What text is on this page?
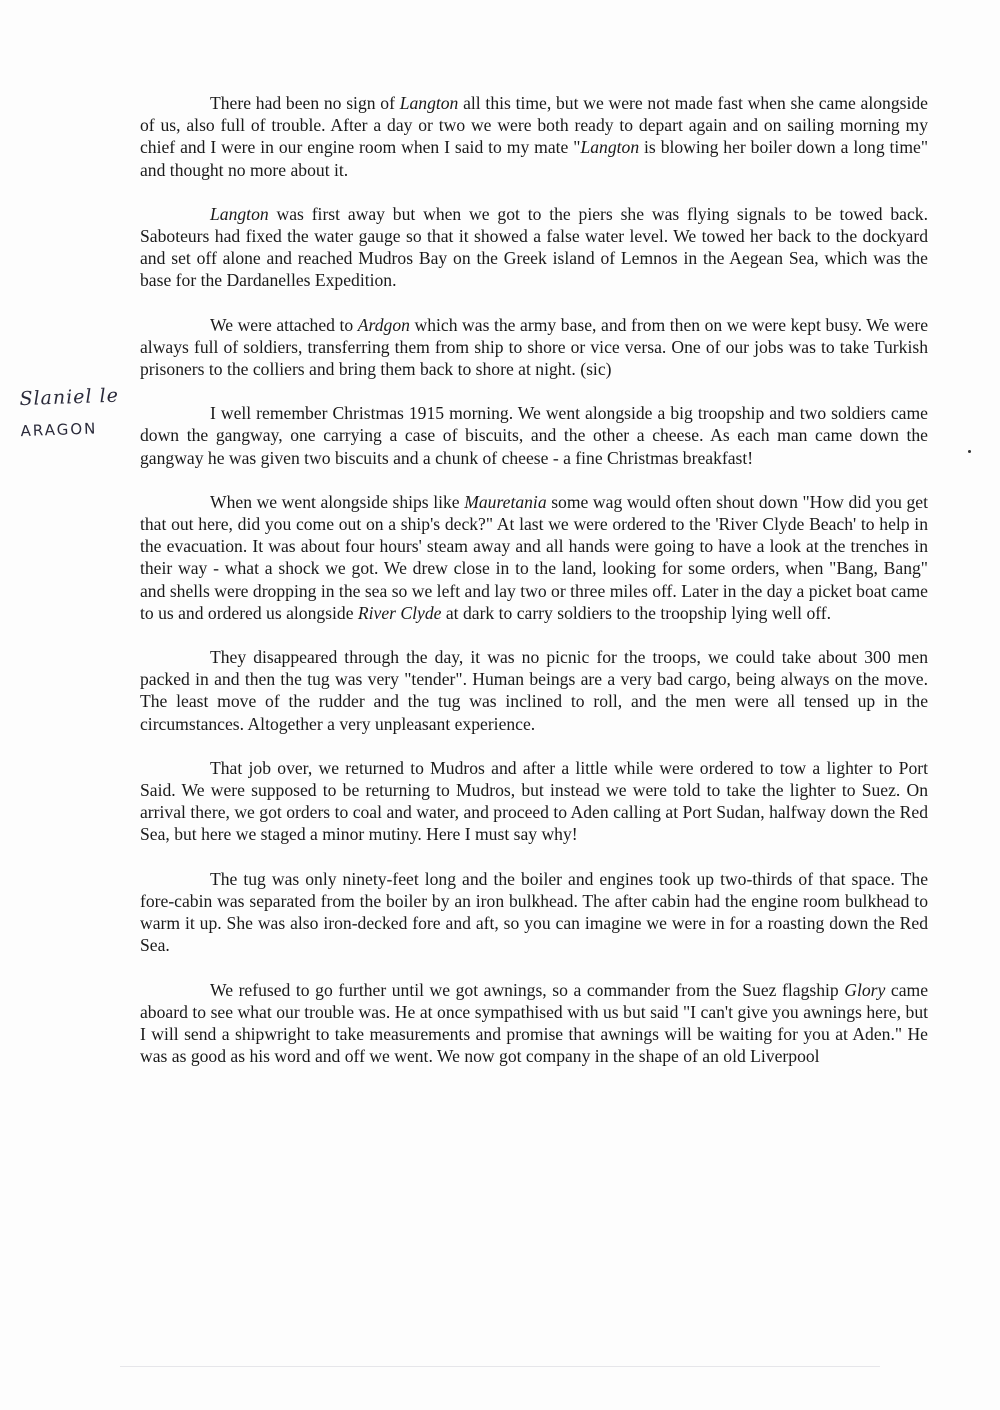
Slaniel le
ARAGON

There had been no sign of Langton all this time, but we were not made fast when she came alongside of us, also full of trouble. After a day or two we were both ready to depart again and on sailing morning my chief and I were in our engine room when I said to my mate "Langton is blowing her boiler down a long time" and thought no more about it.

Langton was first away but when we got to the piers she was flying signals to be towed back. Saboteurs had fixed the water gauge so that it showed a false water level. We towed her back to the dockyard and set off alone and reached Mudros Bay on the Greek island of Lemnos in the Aegean Sea, which was the base for the Dardanelles Expedition.

We were attached to Ardgon which was the army base, and from then on we were kept busy. We were always full of soldiers, transferring them from ship to shore or vice versa. One of our jobs was to take Turkish prisoners to the colliers and bring them back to shore at night. (sic)

I well remember Christmas 1915 morning. We went alongside a big troopship and two soldiers came down the gangway, one carrying a case of biscuits, and the other a cheese. As each man came down the gangway he was given two biscuits and a chunk of cheese - a fine Christmas breakfast!

When we went alongside ships like Mauretania some wag would often shout down "How did you get that out here, did you come out on a ship's deck?" At last we were ordered to the 'River Clyde Beach' to help in the evacuation. It was about four hours' steam away and all hands were going to have a look at the trenches in their way - what a shock we got. We drew close in to the land, looking for some orders, when "Bang, Bang" and shells were dropping in the sea so we left and lay two or three miles off. Later in the day a picket boat came to us and ordered us alongside River Clyde at dark to carry soldiers to the troopship lying well off.

They disappeared through the day, it was no picnic for the troops, we could take about 300 men packed in and then the tug was very "tender". Human beings are a very bad cargo, being always on the move. The least move of the rudder and the tug was inclined to roll, and the men were all tensed up in the circumstances. Altogether a very unpleasant experience.

That job over, we returned to Mudros and after a little while were ordered to tow a lighter to Port Said. We were supposed to be returning to Mudros, but instead we were told to take the lighter to Suez. On arrival there, we got orders to coal and water, and proceed to Aden calling at Port Sudan, halfway down the Red Sea, but here we staged a minor mutiny. Here I must say why!

The tug was only ninety-feet long and the boiler and engines took up two-thirds of that space. The fore-cabin was separated from the boiler by an iron bulkhead. The after cabin had the engine room bulkhead to warm it up. She was also iron-decked fore and aft, so you can imagine we were in for a roasting down the Red Sea.

We refused to go further until we got awnings, so a commander from the Suez flagship Glory came aboard to see what our trouble was. He at once sympathised with us but said "I can't give you awnings here, but I will send a shipwright to take measurements and promise that awnings will be waiting for you at Aden." He was as good as his word and off we went. We now got company in the shape of an old Liverpool
